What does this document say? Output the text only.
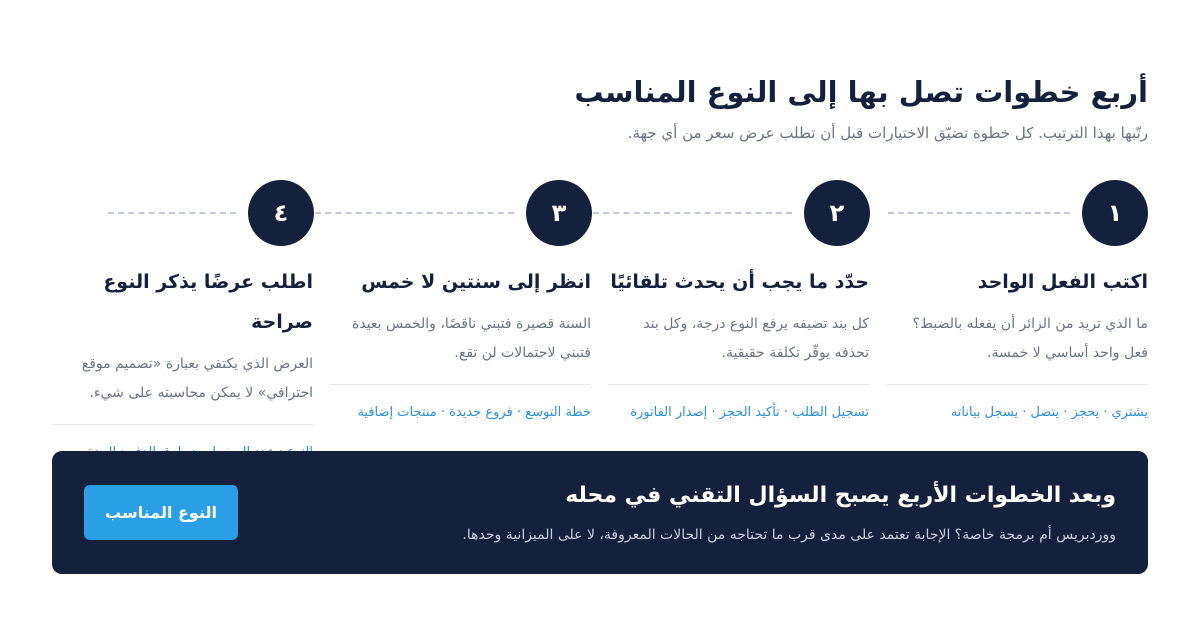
أربع خطوات تصل بها إلى النوع المناسب

رتّبها بهذا الترتيب. كل خطوة تضيّق الاختيارات قبل أن تطلب عرض سعر من أي جهة.

١
٢
٣
٤
اكتب الفعل الواحد

ما الذي تريد من الزائر أن يفعله بالضبط؟ فعل واحد أساسي لا خمسة.

يشتري · يحجز · يتصل · يسجل بياناته

حدّد ما يجب أن يحدث تلقائيًا

كل بند تضيفه يرفع النوع درجة، وكل بند تحذفه يوفّر تكلفة حقيقية.

تسجيل الطلب · تأكيد الحجز · إصدار الفاتورة

انظر إلى سنتين لا خمس

السنة قصيرة فتبني ناقصًا، والخمس بعيدة فتبني لاحتمالات لن تقع.

خطة التوسع · فروع جديدة · منتجات إضافية

اطلب عرضًا يذكر النوع صراحة

العرض الذي يكتفي بعبارة «تصميم موقع احترافي» لا يمكن محاسبته على شيء.

وبعد الخطوات الأربع يصبح السؤال التقني في محله

ووردبريس أم برمجة خاصة؟ الإجابة تعتمد على مدى قرب ما تحتاجه من الحالات المعروفة، لا على الميزانية وحدها.

النوع المناسب
